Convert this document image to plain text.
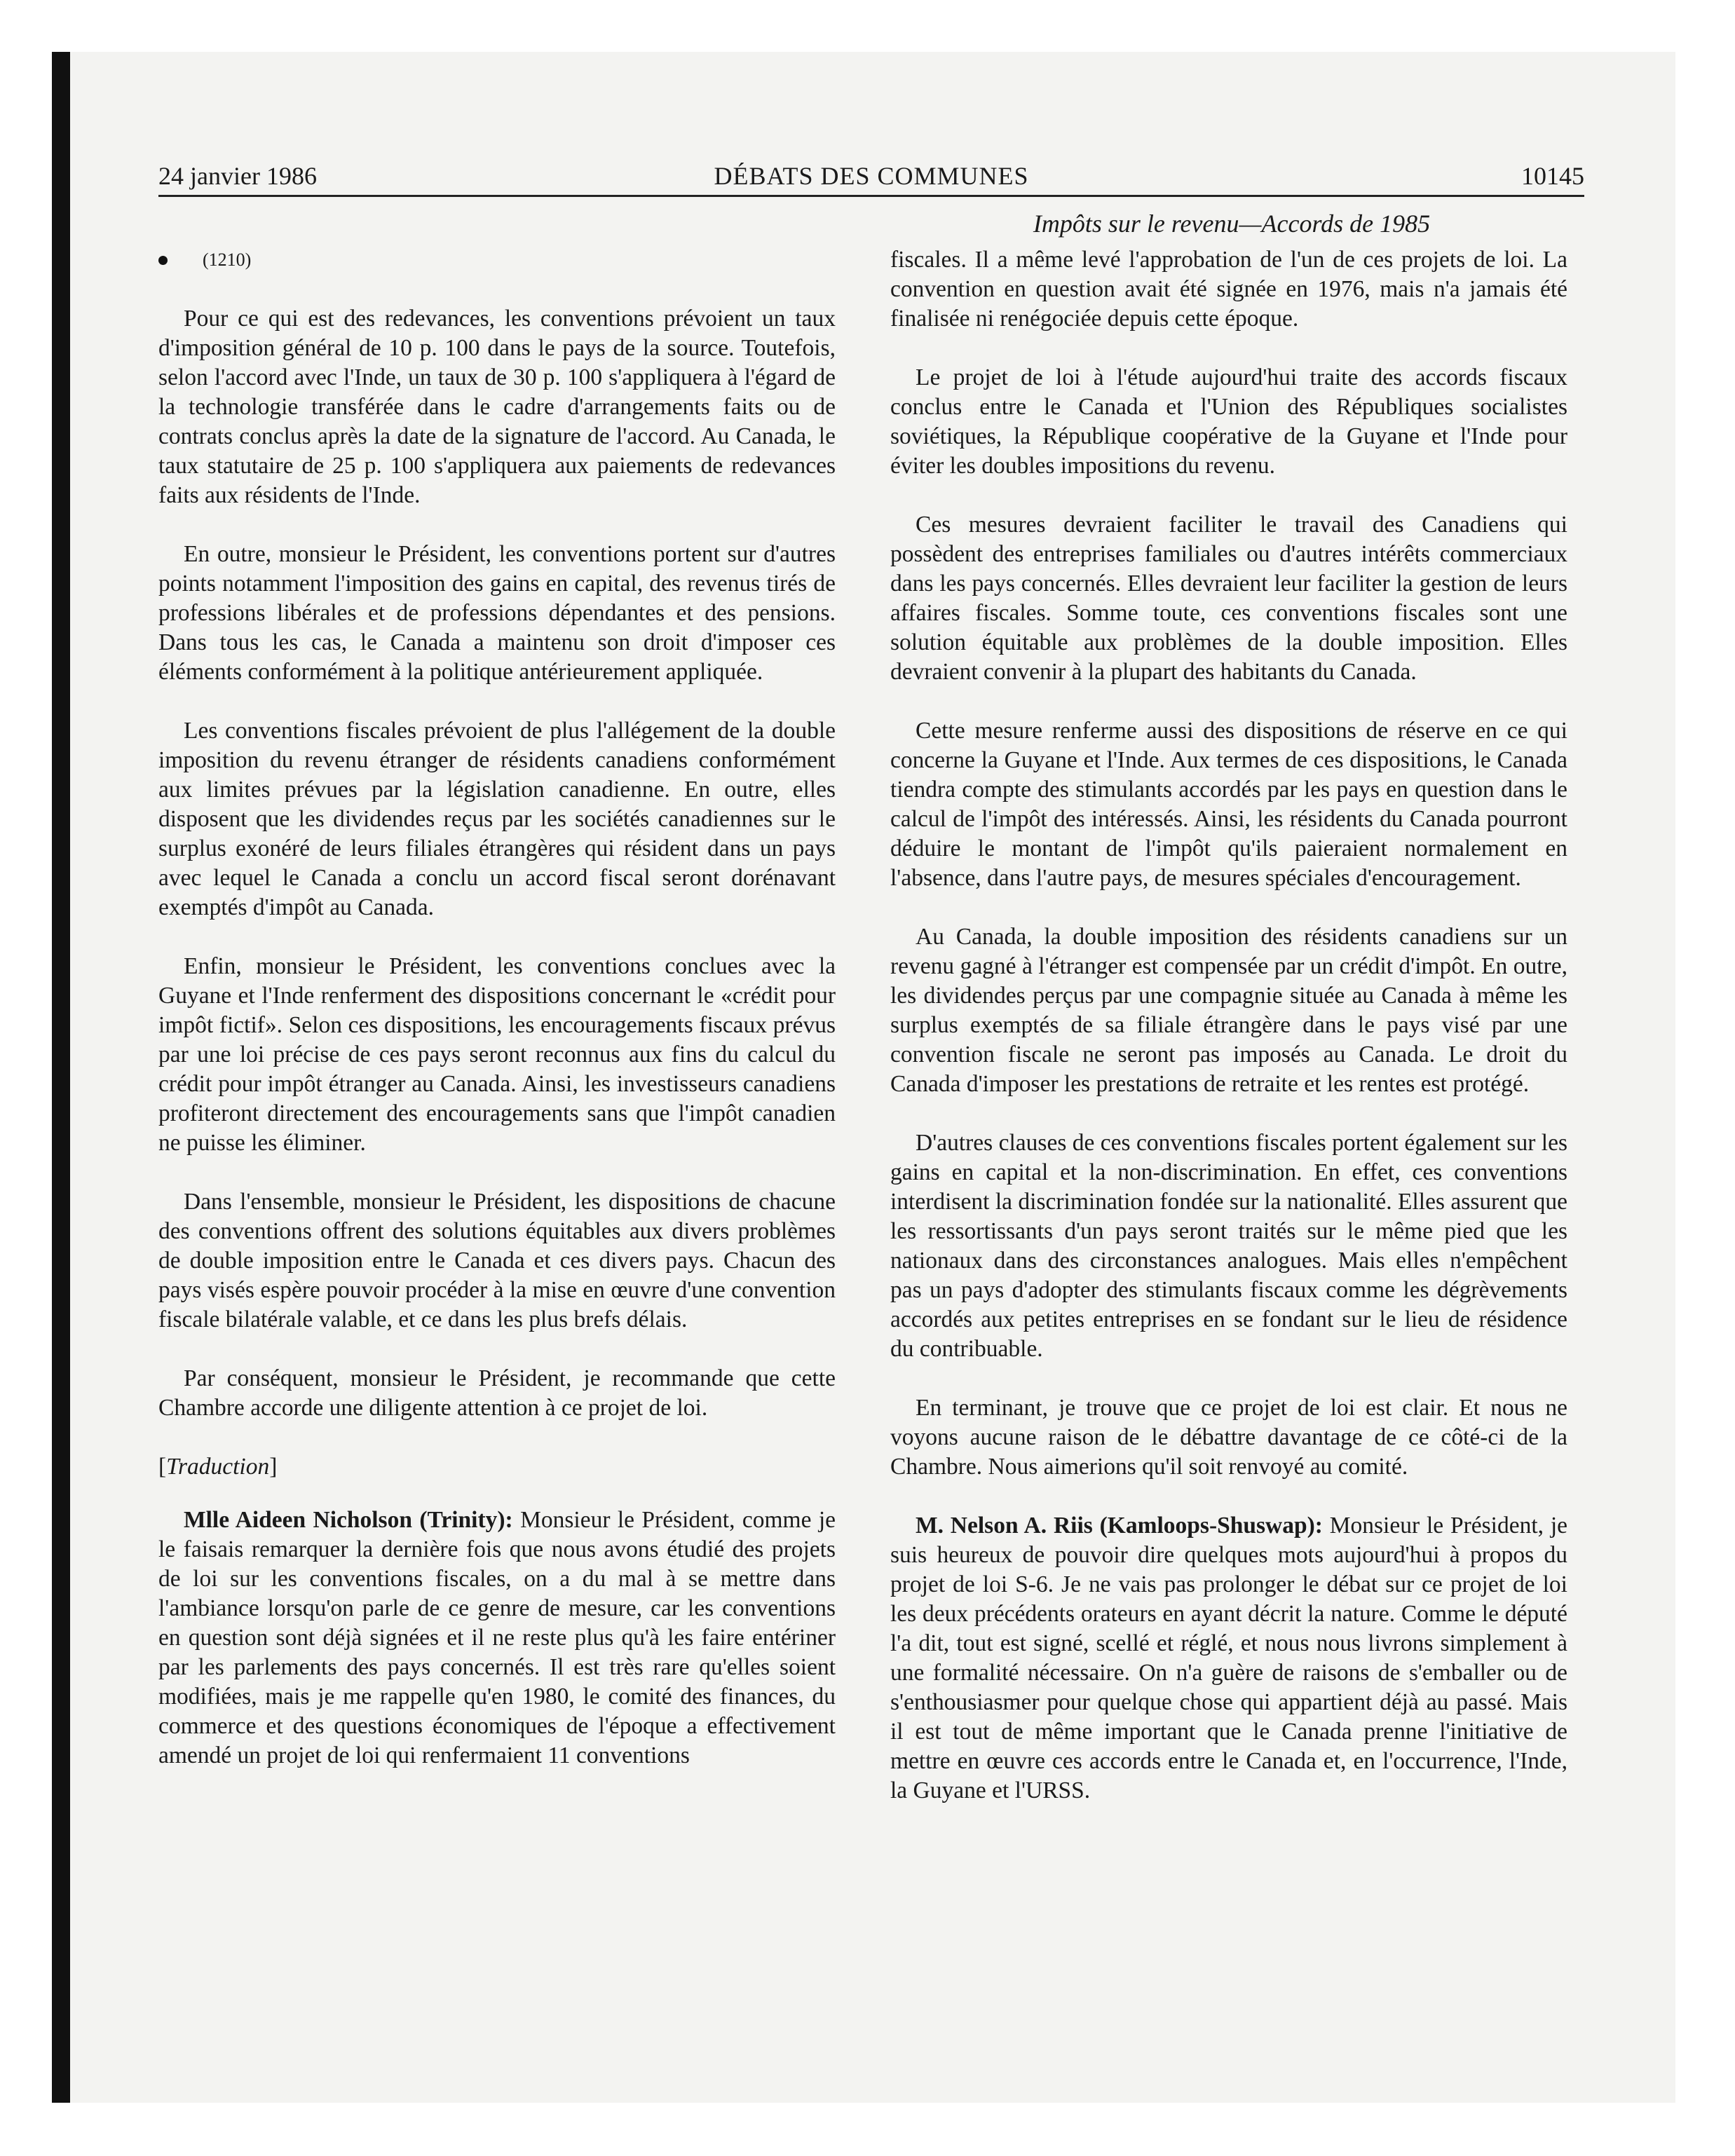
24 janvier 1986	DÉBATS DES COMMUNES	10145
Impôts sur le revenu—Accords de 1985

(1210)

Pour ce qui est des redevances, les conventions prévoient un taux d'imposition général de 10 p. 100 dans le pays de la source. Toutefois, selon l'accord avec l'Inde, un taux de 30 p. 100 s'appliquera à l'égard de la technologie transférée dans le cadre d'arrangements faits ou de contrats conclus après la date de la signature de l'accord. Au Canada, le taux statutaire de 25 p. 100 s'appliquera aux paiements de redevances faits aux résidents de l'Inde.

En outre, monsieur le Président, les conventions portent sur d'autres points notamment l'imposition des gains en capital, des revenus tirés de professions libérales et de professions dépendantes et des pensions. Dans tous les cas, le Canada a maintenu son droit d'imposer ces éléments conformément à la politique antérieurement appliquée.

Les conventions fiscales prévoient de plus l'allégement de la double imposition du revenu étranger de résidents canadiens conformément aux limites prévues par la législation canadienne. En outre, elles disposent que les dividendes reçus par les sociétés canadiennes sur le surplus exonéré de leurs filiales étrangères qui résident dans un pays avec lequel le Canada a conclu un accord fiscal seront dorénavant exemptés d'impôt au Canada.

Enfin, monsieur le Président, les conventions conclues avec la Guyane et l'Inde renferment des dispositions concernant le «crédit pour impôt fictif». Selon ces dispositions, les encouragements fiscaux prévus par une loi précise de ces pays seront reconnus aux fins du calcul du crédit pour impôt étranger au Canada. Ainsi, les investisseurs canadiens profiteront directement des encouragements sans que l'impôt canadien ne puisse les éliminer.

Dans l'ensemble, monsieur le Président, les dispositions de chacune des conventions offrent des solutions équitables aux divers problèmes de double imposition entre le Canada et ces divers pays. Chacun des pays visés espère pouvoir procéder à la mise en œuvre d'une convention fiscale bilatérale valable, et ce dans les plus brefs délais.

Par conséquent, monsieur le Président, je recommande que cette Chambre accorde une diligente attention à ce projet de loi.

[Traduction]

Mlle Aideen Nicholson (Trinity): Monsieur le Président, comme je le faisais remarquer la dernière fois que nous avons étudié des projets de loi sur les conventions fiscales, on a du mal à se mettre dans l'ambiance lorsqu'on parle de ce genre de mesure, car les conventions en question sont déjà signées et il ne reste plus qu'à les faire entériner par les parlements des pays concernés. Il est très rare qu'elles soient modifiées, mais je me rappelle qu'en 1980, le comité des finances, du commerce et des questions économiques de l'époque a effectivement amendé un projet de loi qui renfermaient 11 conventions

fiscales. Il a même levé l'approbation de l'un de ces projets de loi. La convention en question avait été signée en 1976, mais n'a jamais été finalisée ni renégociée depuis cette époque.

Le projet de loi à l'étude aujourd'hui traite des accords fiscaux conclus entre le Canada et l'Union des Républiques socialistes soviétiques, la République coopérative de la Guyane et l'Inde pour éviter les doubles impositions du revenu.

Ces mesures devraient faciliter le travail des Canadiens qui possèdent des entreprises familiales ou d'autres intérêts commerciaux dans les pays concernés. Elles devraient leur faciliter la gestion de leurs affaires fiscales. Somme toute, ces conventions fiscales sont une solution équitable aux problèmes de la double imposition. Elles devraient convenir à la plupart des habitants du Canada.

Cette mesure renferme aussi des dispositions de réserve en ce qui concerne la Guyane et l'Inde. Aux termes de ces dispositions, le Canada tiendra compte des stimulants accordés par les pays en question dans le calcul de l'impôt des intéressés. Ainsi, les résidents du Canada pourront déduire le montant de l'impôt qu'ils paieraient normalement en l'absence, dans l'autre pays, de mesures spéciales d'encouragement.

Au Canada, la double imposition des résidents canadiens sur un revenu gagné à l'étranger est compensée par un crédit d'impôt. En outre, les dividendes perçus par une compagnie située au Canada à même les surplus exemptés de sa filiale étrangère dans le pays visé par une convention fiscale ne seront pas imposés au Canada. Le droit du Canada d'imposer les prestations de retraite et les rentes est protégé.

D'autres clauses de ces conventions fiscales portent également sur les gains en capital et la non-discrimination. En effet, ces conventions interdisent la discrimination fondée sur la nationalité. Elles assurent que les ressortissants d'un pays seront traités sur le même pied que les nationaux dans des circonstances analogues. Mais elles n'empêchent pas un pays d'adopter des stimulants fiscaux comme les dégrèvements accordés aux petites entreprises en se fondant sur le lieu de résidence du contribuable.

En terminant, je trouve que ce projet de loi est clair. Et nous ne voyons aucune raison de le débattre davantage de ce côté-ci de la Chambre. Nous aimerions qu'il soit renvoyé au comité.

M. Nelson A. Riis (Kamloops-Shuswap): Monsieur le Président, je suis heureux de pouvoir dire quelques mots aujourd'hui à propos du projet de loi S-6. Je ne vais pas prolonger le débat sur ce projet de loi les deux précédents orateurs en ayant décrit la nature. Comme le député l'a dit, tout est signé, scellé et réglé, et nous nous livrons simplement à une formalité nécessaire. On n'a guère de raisons de s'emballer ou de s'enthousiasmer pour quelque chose qui appartient déjà au passé. Mais il est tout de même important que le Canada prenne l'initiative de mettre en œuvre ces accords entre le Canada et, en l'occurrence, l'Inde, la Guyane et l'URSS.
